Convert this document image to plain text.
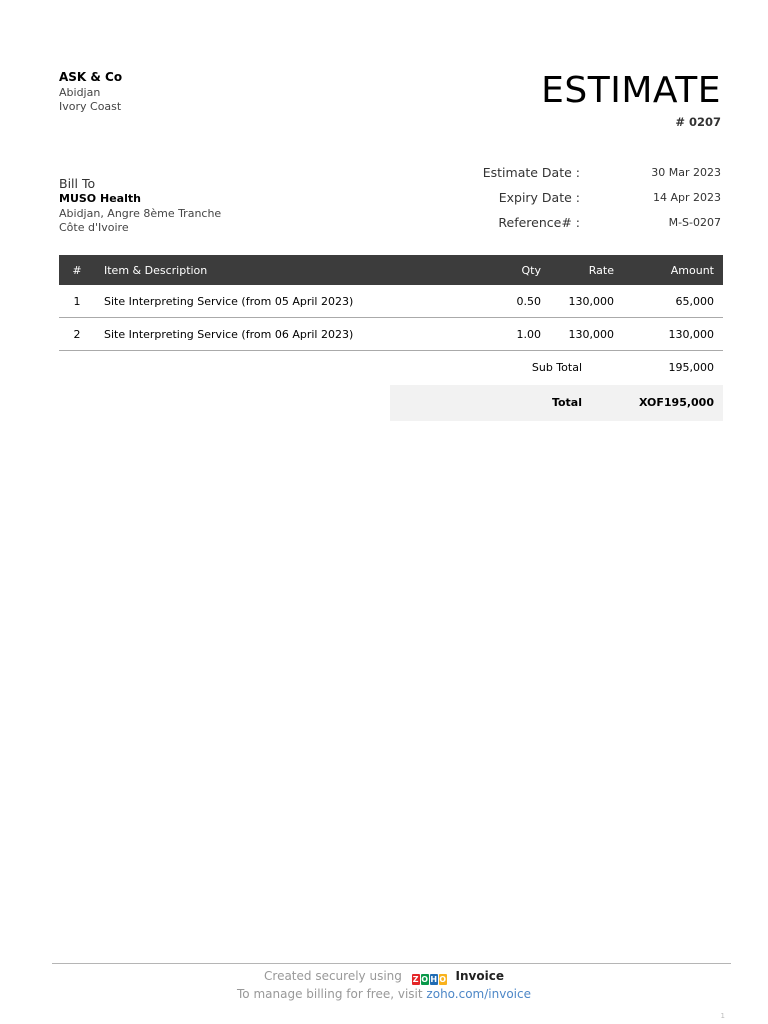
ASK & Co
Abidjan
Ivory Coast	ESTIMATE
# 0207
Bill To
MUSO Health
Abidjan, Angre 8ème Tranche
Côte d'Ivoire
Estimate Date :	30 Mar 2023
Expiry Date :	14 Apr 2023
Reference# :	M-S-0207
#	Item & Description	Qty	Rate	Amount
1	Site Interpreting Service (from 05 April 2023)	0.50	130,000	65,000
2	Site Interpreting Service (from 06 April 2023)	1.00	130,000	130,000
Sub Total	195,000
Total	XOF195,000
Created securely using Z O H O Invoice
To manage billing for free, visit zoho.com/invoice
1
